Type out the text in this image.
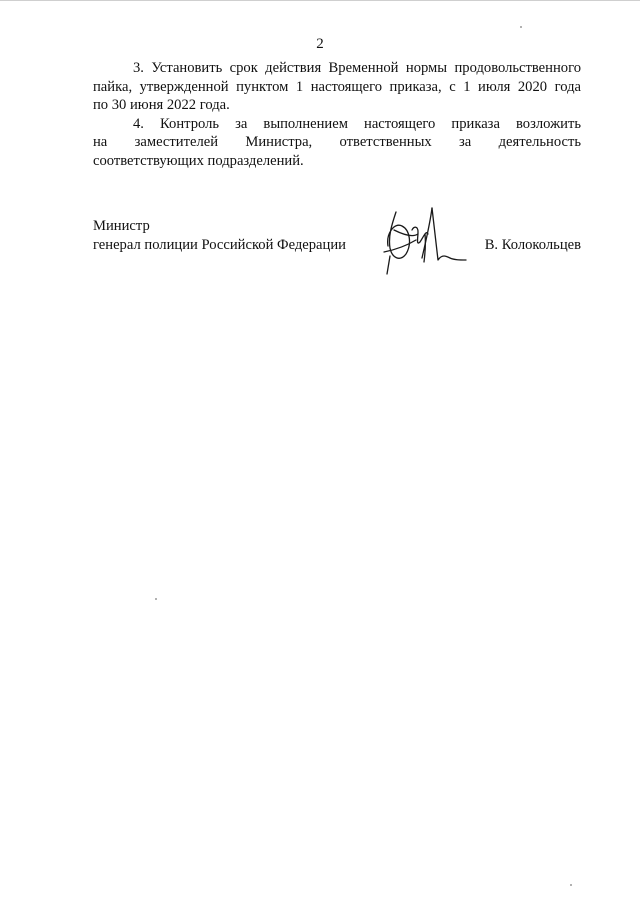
2

3. Установить срок действия Временной нормы продовольственного
пайка, утвержденной пунктом 1 настоящего приказа, с 1 июля 2020 года
по 30 июня 2022 года.

4. Контроль за выполнением настоящего приказа возложить
на заместителей Министра, ответственных за деятельность
соответствующих подразделений.

Министр
генерал полиции Российской Федерации	В. Колокольцев
